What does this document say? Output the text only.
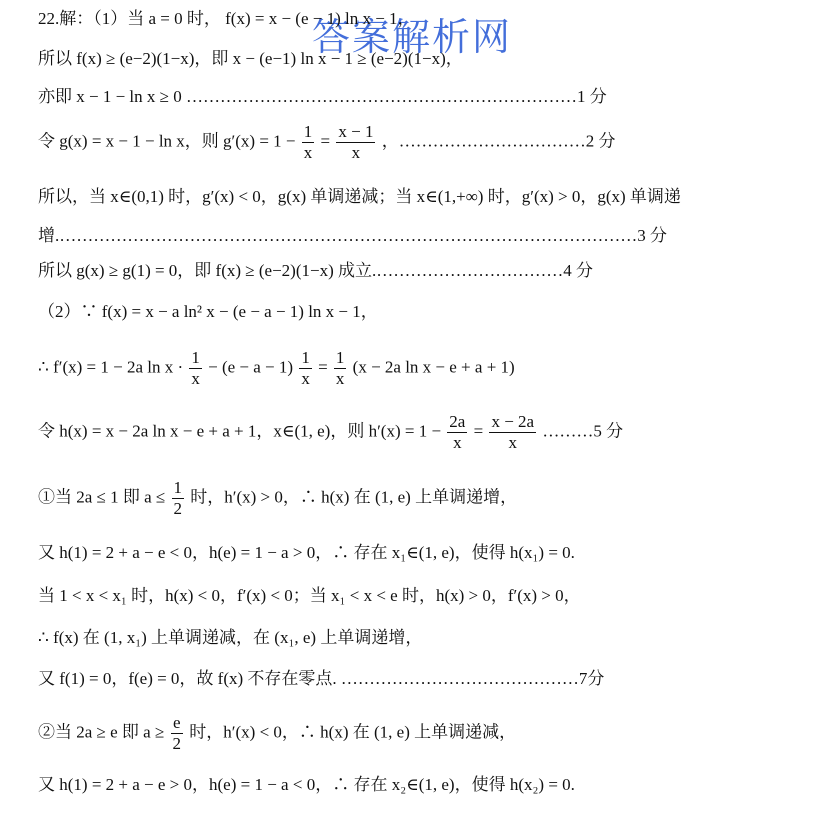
答案解析网
22.解：（1）当 a = 0 时， f(x) = x − (e − 1) ln x − 1，
所以 f(x) ≥ (e−2)(1−x)，即 x − (e−1) ln x − 1 ≥ (e−2)(1−x)，
亦即 x − 1 − ln x ≥ 0 ……………………………………………………………1 分
令 g(x) = x − 1 − ln x，则 $g'(x) = 1 - \frac{1}{x} = \frac{x - 1}{x}$ ，……………………………2 分
所以，当 x∈(0,1) 时，g′(x) < 0，g(x) 单调递减；当 x∈(1,+∞) 时，g′(x) > 0，g(x) 单调递
增.…………………………………………………………………………………………3 分
所以 g(x) ≥ g(1) = 0，即 f(x) ≥ (e−2)(1−x) 成立.……………………………4 分
（2）∵ f(x) = x − a ln² x − (e − a − 1) ln x − 1，
∴ f′(x) = 1 − 2a $\ln x \cdot \frac{1}{x} - (e - a - 1) \frac{1}{x} = \frac{1}{x} (x - 2a$ ln x − e + a + 1)
令 h(x) = x − 2a ln x − e + a + 1，x∈(1, e)，则 $h'(x) = 1 - \frac{2a}{x} = \frac{x - 2a}{x}$ ………5 分
①当 2a ≤ 1 即 $a \le \frac{1}{2}$ 时，h′(x) > 0，∴ h(x) 在 (1, e) 上单调递增，
又 h(1) = 2 + a − e < 0，h(e) = 1 − a > 0，∴ 存在 x₁∈(1, e)，使得 h(x₁) = 0.
当 1 < x < x₁ 时，h(x) < 0，f′(x) < 0；当 x₁ < x < e 时，h(x) > 0，f′(x) > 0，
∴ f(x) 在 (1, x₁) 上单调递减，在 (x₁, e) 上单调递增，
又 f(1) = 0，f(e) = 0，故 f(x) 不存在零点. ……………………………………7分
②当 2a ≥ e 即 $a \ge \frac{e}{2}$ 时，h′(x) < 0，∴ h(x) 在 (1, e) 上单调递减，
又 h(1) = 2 + a − e > 0，h(e) = 1 − a < 0，∴ 存在 x₂∈(1, e)，使得 h(x₂) = 0.
